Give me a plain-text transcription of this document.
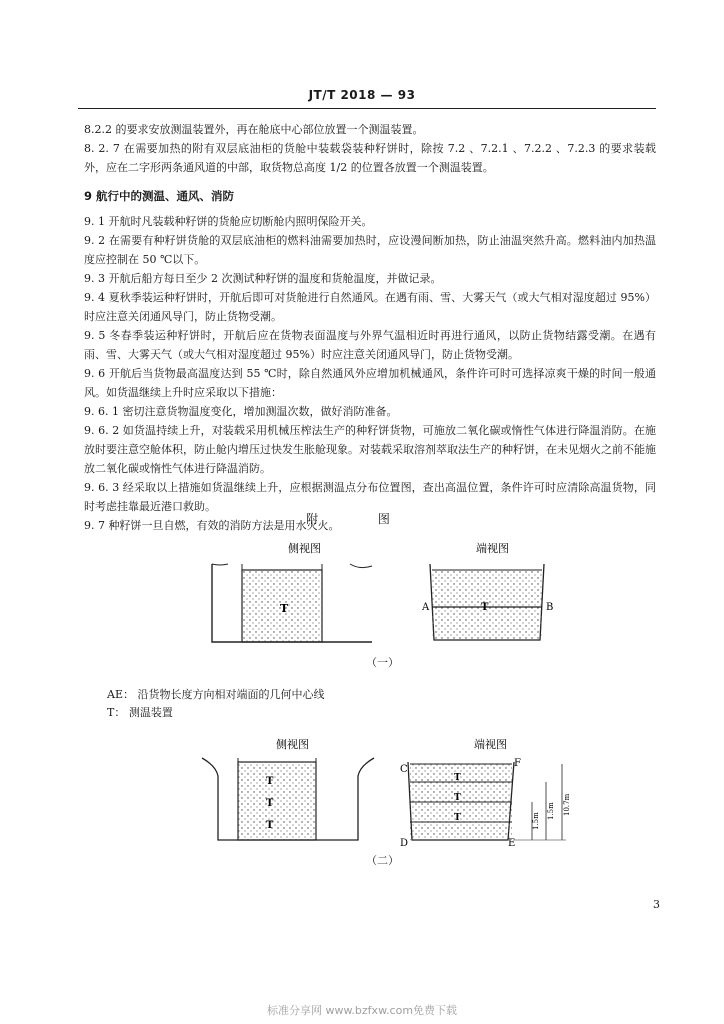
JT/T 2018 — 93

8.2.2 的要求安放测温装置外，再在舱底中心部位放置一个测温装置。

8. 2. 7 在需要加热的附有双层底油柜的货舱中装载袋装种籽饼时，除按 7.2 、7.2.1 、7.2.2 、7.2.3 的要求装载外，应在二字形两条通风道的中部，取货物总高度 1/2 的位置各放置一个测温装置。

9 航行中的测温、通风、消防

9. 1 开航时凡装载种籽饼的货舱应切断舱内照明保险开关。

9. 2 在需要有种籽饼货舱的双层底油柜的燃料油需要加热时，应设漫间断加热，防止油温突然升高。燃料油内加热温度应控制在 50 ℃以下。

9. 3 开航后船方每日至少 2 次测试种籽饼的温度和货舱温度，并做记录。

9. 4 夏秋季装运种籽饼时，开航后即可对货舱进行自然通风。在遇有雨、雪、大雾天气（或大气相对湿度超过 95%）时应注意关闭通风导门，防止货物受潮。

9. 5 冬春季装运种籽饼时，开航后应在货物表面温度与外界气温相近时再进行通风，以防止货物结露受潮。在遇有雨、雪、大雾天气（或大气相对湿度超过 95%）时应注意关闭通风导门，防止货物受潮。

9. 6 开航后当货物最高温度达到 55 ℃时，除自然通风外应增加机械通风，条件许可时可选择凉爽干燥的时间一般通风。如货温继续上升时应采取以下措施：

9. 6. 1 密切注意货物温度变化，增加测温次数，做好消防准备。

9. 6. 2 如货温持续上升，对装载采用机械压榨法生产的种籽饼货物，可施放二氧化碳或惰性气体进行降温消防。在施放时要注意空舱体积，防止舱内增压过快发生胀舱现象。对装载采取溶剂萃取法生产的种籽饼，在未见烟火之前不能施放二氧化碳或惰性气体进行降温消防。

9. 6. 3 经采取以上措施如货温继续上升，应根据测温点分布位置图，查出高温位置，条件许可时应清除高温货物，同时考虑挂靠最近港口救助。

9. 7 种籽饼一旦自燃，有效的消防方法是用水灭火。

附 图
侧视图
T
端视图
A	B
T
（一）
AE： 沿货物长度方向相对端面的几何中心线
T： 测温装置
侧视图
T
T
T
端视图
C
D	E
F
T
T
T	1.5m
1.5m 10.7m
（二）
3
标准分享网 www.bzfxw.com免费下载
